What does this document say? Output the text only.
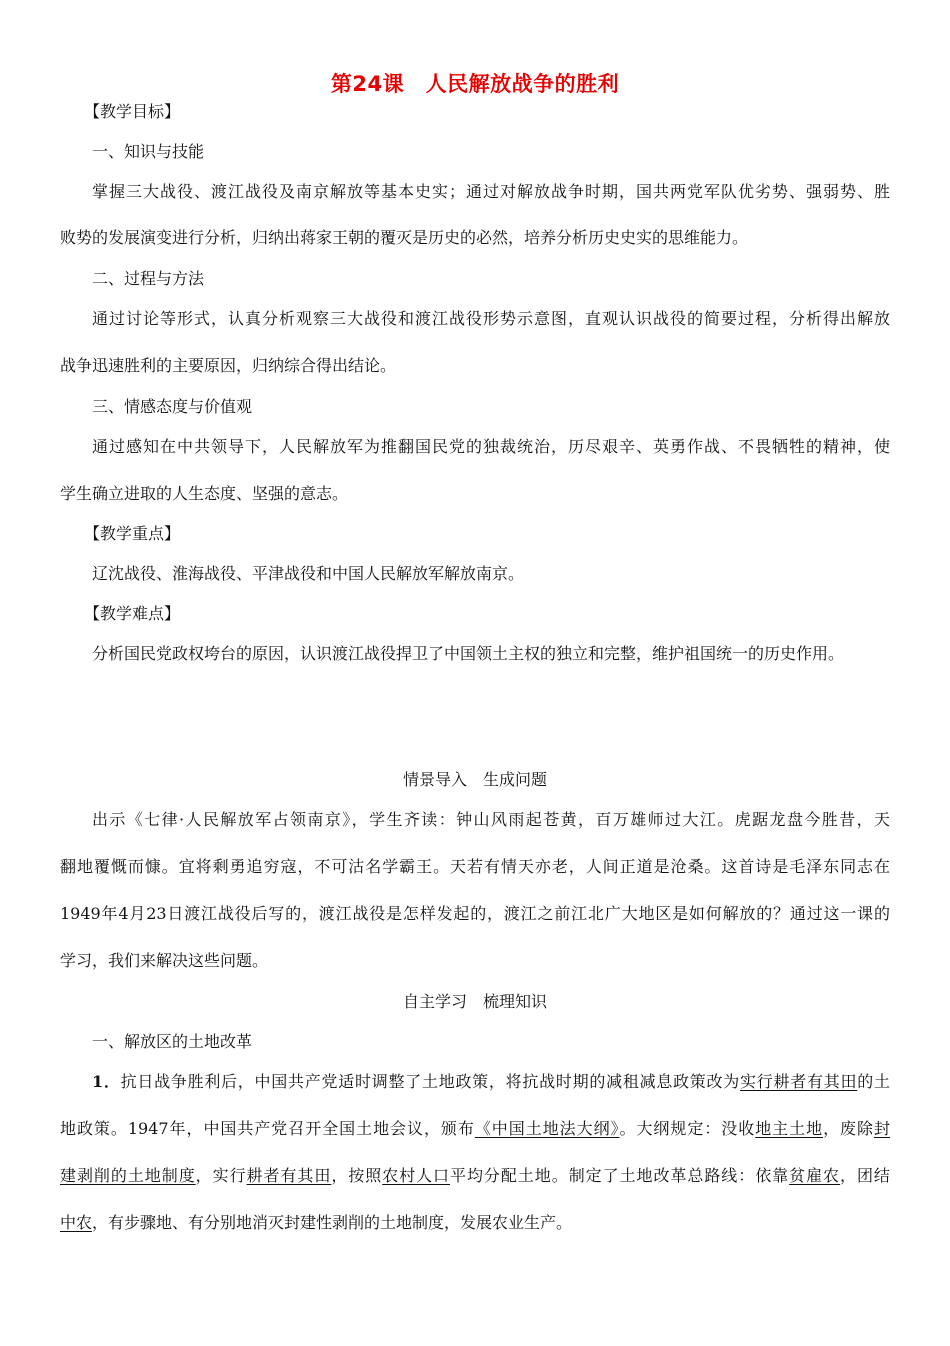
第24课　人民解放战争的胜利
【教学目标】
一、知识与技能
掌握三大战役、渡江战役及南京解放等基本史实；通过对解放战争时期，国共两党军队优劣势、强弱势、胜
败势的发展演变进行分析，归纳出蒋家王朝的覆灭是历史的必然，培养分析历史史实的思维能力。
二、过程与方法
通过讨论等形式，认真分析观察三大战役和渡江战役形势示意图，直观认识战役的简要过程，分析得出解放
战争迅速胜利的主要原因，归纳综合得出结论。
三、情感态度与价值观
通过感知在中共领导下，人民解放军为推翻国民党的独裁统治，历尽艰辛、英勇作战、不畏牺牲的精神，使
学生确立进取的人生态度、坚强的意志。
【教学重点】
辽沈战役、淮海战役、平津战役和中国人民解放军解放南京。
【教学难点】
分析国民党政权垮台的原因，认识渡江战役捍卫了中国领土主权的独立和完整，维护祖国统一的历史作用。
情景导入　生成问题
出示《七律·人民解放军占领南京》，学生齐读：钟山风雨起苍黄，百万雄师过大江。虎踞龙盘今胜昔，天
翻地覆慨而慷。宜将剩勇追穷寇，不可沽名学霸王。天若有情天亦老，人间正道是沧桑。这首诗是毛泽东同志在
1949年4月23日渡江战役后写的，渡江战役是怎样发起的，渡江之前江北广大地区是如何解放的？通过这一课的
学习，我们来解决这些问题。
自主学习　梳理知识
一、解放区的土地改革
1．抗日战争胜利后，中国共产党适时调整了土地政策，将抗战时期的减租减息政策改为实行耕者有其田的土
地政策。1947年，中国共产党召开全国土地会议，颁布《中国土地法大纲》。大纲规定：没收地主土地，废除封
建剥削的土地制度，实行耕者有其田，按照农村人口平均分配土地。制定了土地改革总路线：依靠贫雇农，团结
中农，有步骤地、有分别地消灭封建性剥削的土地制度，发展农业生产。
